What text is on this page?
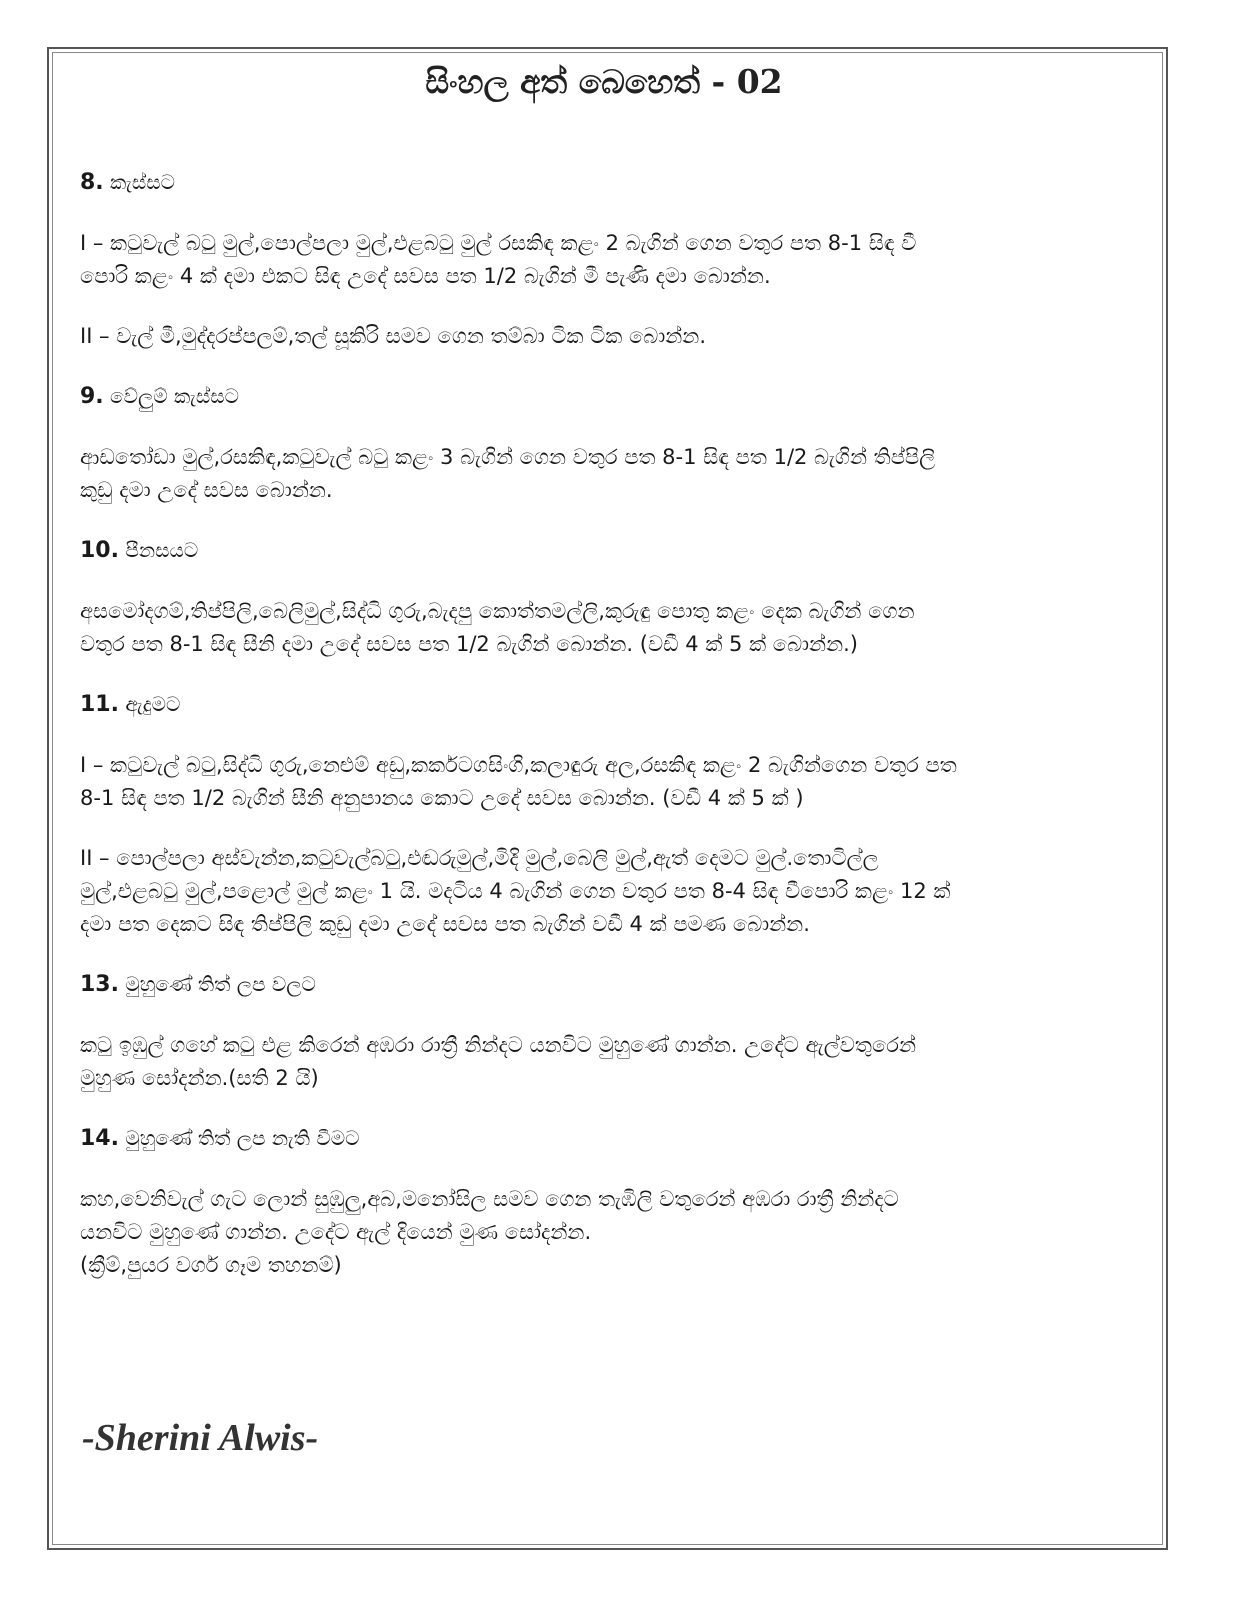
සිංහල අත් බෙහෙත් - 02

8. කැස්සට

I – කටුවැල් බටු මුල්,පොල්පලා මුල්,එළබටු මුල් රසකිඳ කළං 2 බැගින් ගෙන වතුර පත 8-1 සිඳ වී
පොරි කළං 4 ක් දමා එකට සිඳ උදේ සවස පත 1/2 බැගින් මී පැණි දමා බොන්න.

II – වැල් මී,මුද්දරප්පලම්,තල් සූකිරි සමව ගෙන තම්බා ටික ටික බොන්න.

9. වේලුම් කැස්සට

ආඩතෝඩා මුල්,රසකිඳ,කටුවැල් බටු කළං 3 බැගින් ගෙන වතුර පත 8-1 සිඳ පත 1/2 බැගින් තිප්පිලි
කුඩු දමා උදේ සවස බොන්න.

10. පීනසයට

අසමෝදගම්,තිප්පිලි,බෙලිමුල්,සිද්ධි ගුරු,බැදපු කොත්තමල්ලි,කුරුඳු පොතු කළං දෙක බැගින් ගෙන
වතුර පත 8-1 සිඳ සීනි දමා උදේ සවස පත 1/2 බැගින් බොන්න. (වඩී 4 ක් 5 ක් බොන්න.)

11. ඇදුමට

I – කටුවැල් බටු,සිද්ධි ගුරු,නෙළුම් අඩු,කර්කටගසිංගි,කලාඳුරු අල,රසකිඳ කළං 2 බැගින්ගෙන වතුර පත
8-1 සිඳ පත 1/2 බැගින් සීනි අනුපානය කොට උදේ සවස බොන්න. (වඩී 4 ක් 5 ක් )

II – පොල්පලා අස්වැන්න,කටුවැල්බටු,එඬරුමුල්,මිදි මුල්,බෙලි මුල්,ඇත් දෙමට මුල්.තොටිල්ල
මුල්,එළබටු මුල්,පළොල් මුල් කළං 1 යි. මදටිය 4 බැගින් ගෙන වතුර පත 8-4 සිඳ වීපොරි කළං 12 ක්
දමා පත දෙකට සිඳ තිප්පිලි කුඩු දමා උදේ සවස පත බැගින් වඩී 4 ක් පමණ බොන්න.

13. මුහුණේ තිත් ලප වලට

කටු ඉඹුල් ගහේ කටු එළ කිරෙන් අඹරා රාත්‍රී නින්දට යනවිට මුහුණේ ගාන්න. උදේට ඇල්වතුරෙන්
මුහුණ සෝදන්න.(සති 2 යි)

14. මුහුණේ තිත් ලප නැති වීමට

කහ,වෙනිවැල් ගැට ලොන් සුඹුලු,අබ,මනෝසිල සමව ගෙන තැඹිලි වතුරෙන් අඹරා රාත්‍රී නින්දට
යනවිට මුහුණේ ගාන්න. උදේට ඇල් දියෙන් මුණ සෝදන්න.
(ක්‍රීම්,පුයර වර්ග ගෑම තහනම්)

-Sherini Alwis-
